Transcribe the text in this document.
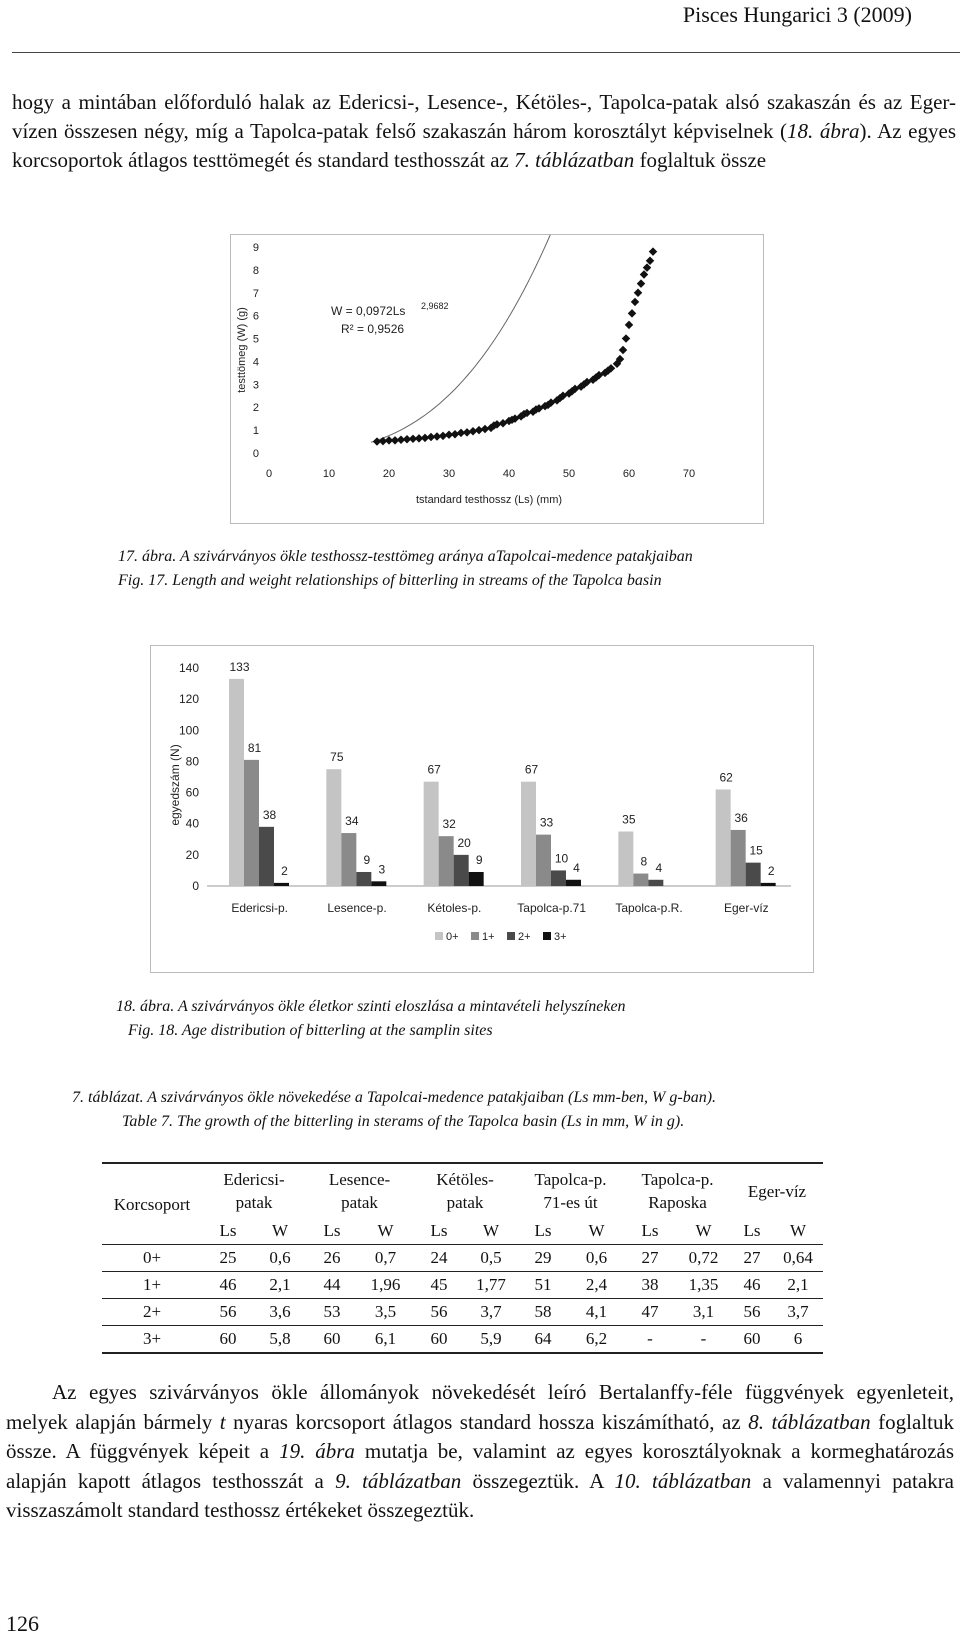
Pisces Hungarici 3 (2009)
hogy a mintában előforduló halak az Edericsi-, Lesence-, Kétöles-, Tapolca-patak alsó szakaszán és az Eger-vízen összesen négy, míg a Tapolca-patak felső szakaszán három korosztályt képviselnek (18. ábra). Az egyes korcsoportok átlagos testtömegét és standard testhosszát az 7. táblázatban foglaltuk össze
0
1
2
3
4
5
6
7
8
9
0	10	20	30	40	50	60	70
testtömeg (W) (g)
tstandard testhossz (Ls) (mm)
W = 0,0972Ls 2,9682
R² = 0,9526
17. ábra. A szivárványos ökle testhossz-testtömeg aránya aTapolcai-medence patakjaiban
Fig. 17. Length and weight relationships of bitterling in streams of the Tapolca basin
0
20
40
60
80
100
120
140
egyedszám (N)
133
81
38
2
Edericsi-p.
75
34
9
3
Lesence-p.
67
32
20
9
Kétoles-p.
67
33
10
4
Tapolca-p.71
35
8 4
Tapolca-p.R.
62
36
15
2
Eger-víz
0+ 1+ 2+ 3+
18. ábra. A szivárványos ökle életkor szinti eloszlása a mintavételi helyszíneken
Fig. 18. Age distribution of bitterling at the samplin sites
7. táblázat. A szivárványos ökle növekedése a Tapolcai-medence patakjaiban (Ls mm-ben, W g-ban).
Table 7. The growth of the bitterling in sterams of the Tapolca basin (Ls in mm, W in g).
Korcsoport	Edericsi-
patak		Lesence-
patak		Kétöles-
patak		Tapolca-p.
71-es út		Tapolca-p.
Raposka		Eger-víz	
	Ls	W	Ls	W	Ls	W	Ls	W	Ls	W	Ls	W
0+	25	0,6	26	0,7	24	0,5	29	0,6	27	0,72	27	0,64
1+	46	2,1	44	1,96	45	1,77	51	2,4	38	1,35	46	2,1
2+	56	3,6	53	3,5	56	3,7	58	4,1	47	3,1	56	3,7
3+	60	5,8	60	6,1	60	5,9	64	6,2	-	-	60	6
Az egyes szivárványos ökle állományok növekedését leíró Bertalanffy-féle függvények egyenleteit, melyek alapján bármely t nyaras korcsoport átlagos standard hossza kiszámítható, az 8. táblázatban foglaltuk össze. A függvények képeit a 19. ábra mutatja be, valamint az egyes korosztályoknak a kormeghatározás alapján kapott átlagos testhosszát a 9. táblázatban összegeztük. A 10. táblázatban a valamennyi patakra visszaszámolt standard testhossz értékeket összegeztük.
126
